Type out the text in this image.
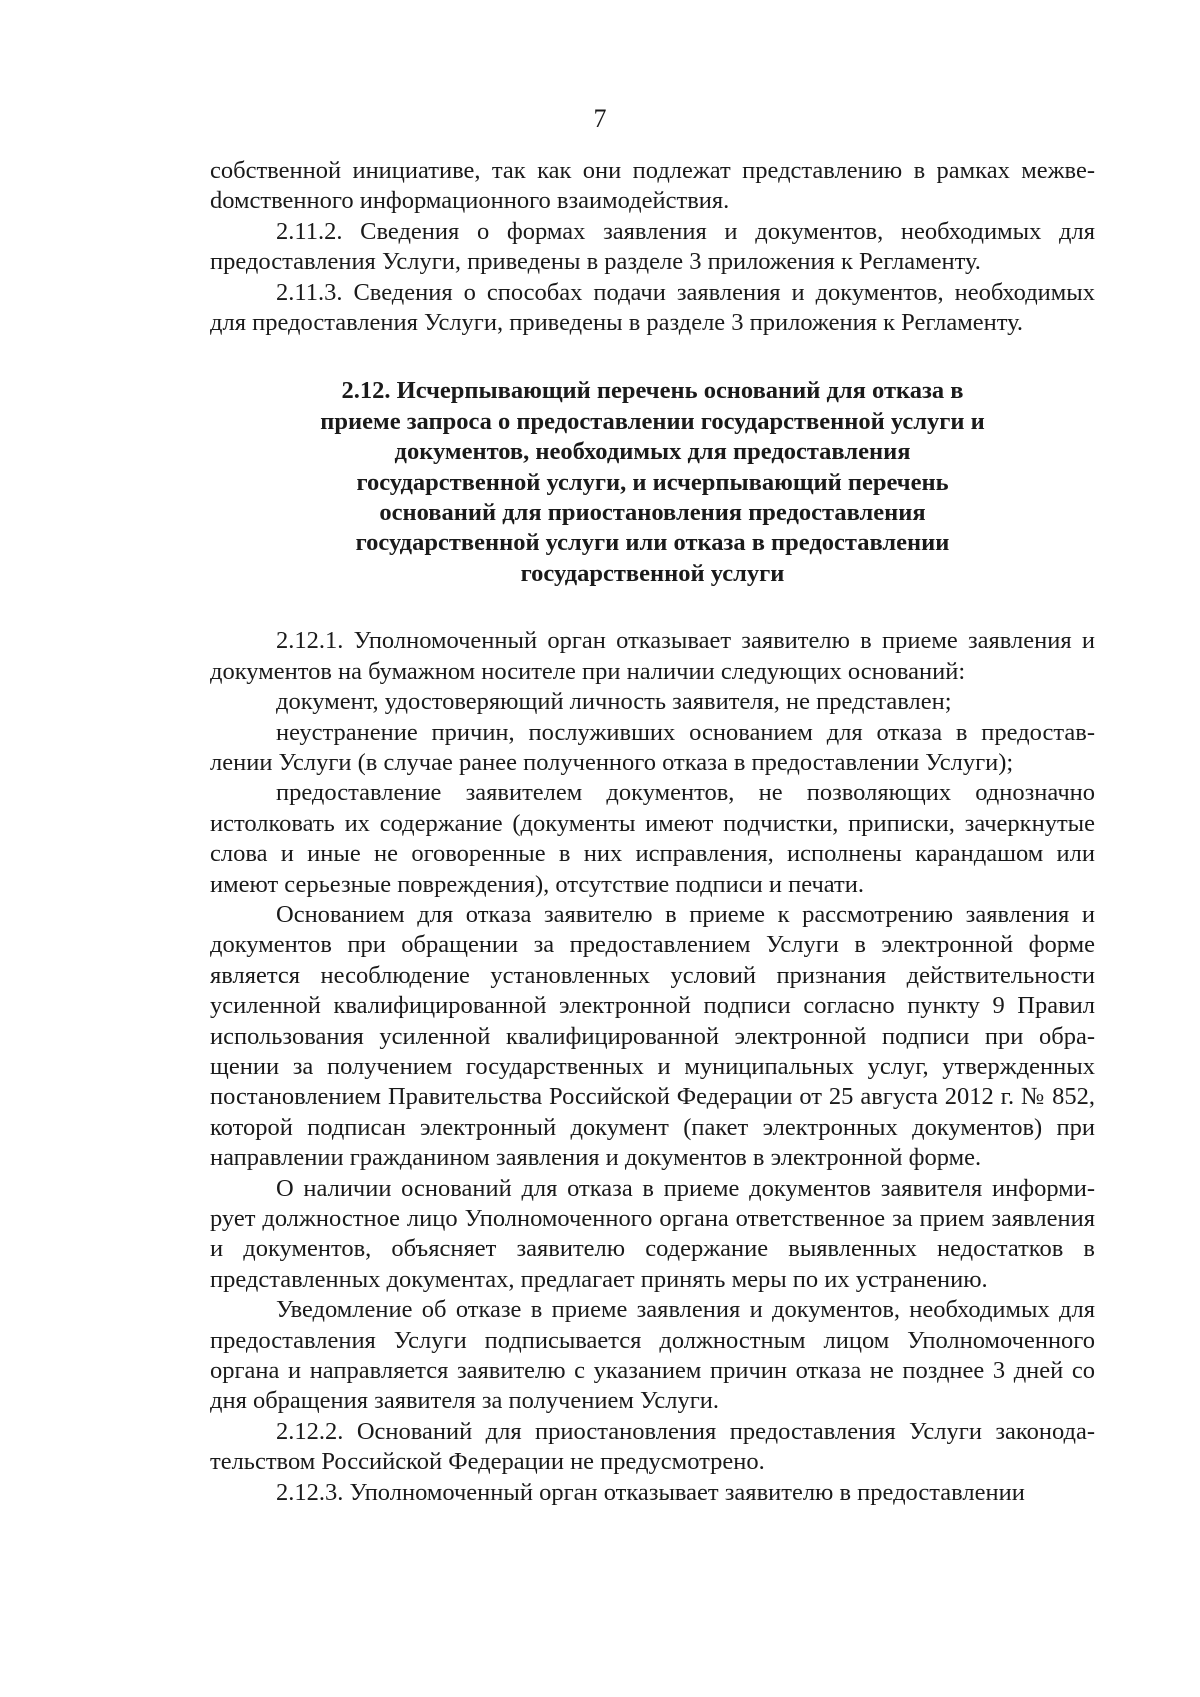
7

собственной инициативе, так как они подлежат представлению в рамках межвеdомственного информационного взаимодействия.

2.11.2. Сведения о формах заявления и документов, необходимых для предоставления Услуги, приведены в разделе 3 приложения к Регламенту.

2.11.3. Сведения о способах подачи заявления и документов, необходимых для предоставления Услуги, приведены в разделе 3 приложения к Регламенту.

2.12. Исчерпывающий перечень оснований для отказа в приеме запроса о предоставлении государственной услуги и документов, необходимых для предоставления государственной услуги, и исчерпывающий перечень оснований для приостановления предоставления государственной услуги или отказа в предоставлении государственной услуги

2.12.1. Уполномоченный орган отказывает заявителю в приеме заявления и документов на бумажном носителе при наличии следующих оснований:

документ, удостоверяющий личность заявителя, не представлен;

неустранение причин, послуживших основанием для отказа в предоставлении Услуги (в случае ранее полученного отказа в предоставлении Услуги);

предоставление заявителем документов, не позволяющих однозначно истолковать их содержание (документы имеют подчистки, приписки, зачеркнутые слова и иные не оговоренные в них исправления, исполнены карандашом или имеют серьезные повреждения), отсутствие подписи и печати.

Основанием для отказа заявителю в приеме к рассмотрению заявления и документов при обращении за предоставлением Услуги в электронной форме является несоблюдение установленных условий признания действительности усиленной квалифицированной электронной подписи согласно пункту 9 Правил использования усиленной квалифицированной электронной подписи при обращении за получением государственных и муниципальных услуг, утвержденных постановлением Правительства Российской Федерации от 25 августа 2012 г. № 852, которой подписан электронный документ (пакет электронных документов) при направлении гражданином заявления и документов в электронной форме.

О наличии оснований для отказа в приеме документов заявителя информирует должностное лицо Уполномоченного органа ответственное за прием заявления и документов, объясняет заявителю содержание выявленных недостатков в представленных документах, предлагает принять меры по их устранению.

Уведомление об отказе в приеме заявления и документов, необходимых для предоставления Услуги подписывается должностным лицом Уполномоченного органа и направляется заявителю с указанием причин отказа не позднее 3 дней со дня обращения заявителя за получением Услуги.

2.12.2. Оснований для приостановления предоставления Услуги законодательством Российской Федерации не предусмотрено.

2.12.3. Уполномоченный орган отказывает заявителю в предоставлении
